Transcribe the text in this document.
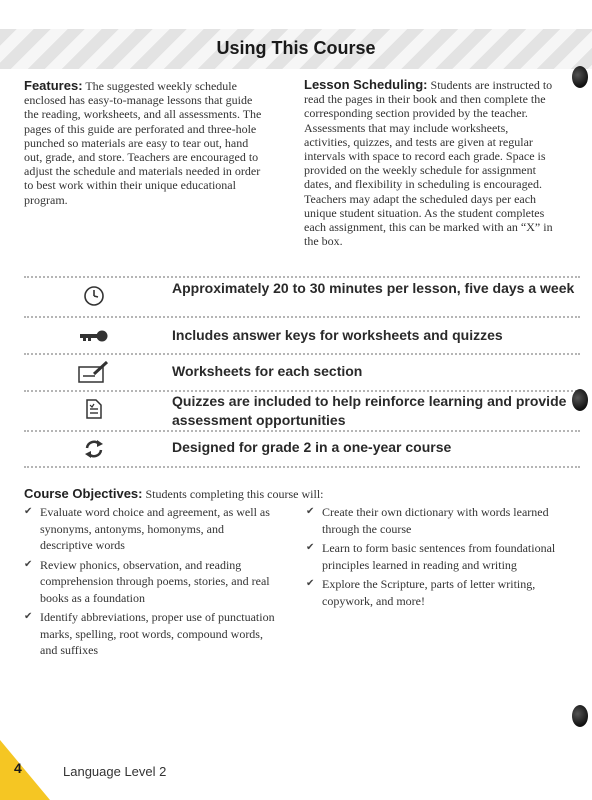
Using This Course
Features: The suggested weekly schedule enclosed has easy-to-manage lessons that guide the reading, worksheets, and all assessments. The pages of this guide are perforated and three-hole punched so materials are easy to tear out, hand out, grade, and store. Teachers are encouraged to adjust the schedule and materials needed in order to best work within their unique educational program.
Lesson Scheduling: Students are instructed to read the pages in their book and then complete the corresponding section provided by the teacher. Assessments that may include worksheets, activities, quizzes, and tests are given at regular intervals with space to record each grade. Space is provided on the weekly schedule for assignment dates, and flexibility in scheduling is encouraged. Teachers may adapt the scheduled days per each unique student situation. As the student completes each assignment, this can be marked with an “X” in the box.
Approximately 20 to 30 minutes per lesson, five days a week
Includes answer keys for worksheets and quizzes
Worksheets for each section
Quizzes are included to help reinforce learning and provide assessment opportunities
Designed for grade 2 in a one-year course
Course Objectives: Students completing this course will:
✔ Evaluate word choice and agreement, as well as synonyms, antonyms, homonyms, and descriptive words
✔ Review phonics, observation, and reading comprehension through poems, stories, and real books as a foundation
✔ Identify abbreviations, proper use of punctuation marks, spelling, root words, compound words, and suffixes
✔ Create their own dictionary with words learned through the course
✔ Learn to form basic sentences from foundational principles learned in reading and writing
✔ Explore the Scripture, parts of letter writing, copywork, and more!
4	Language Level 2
